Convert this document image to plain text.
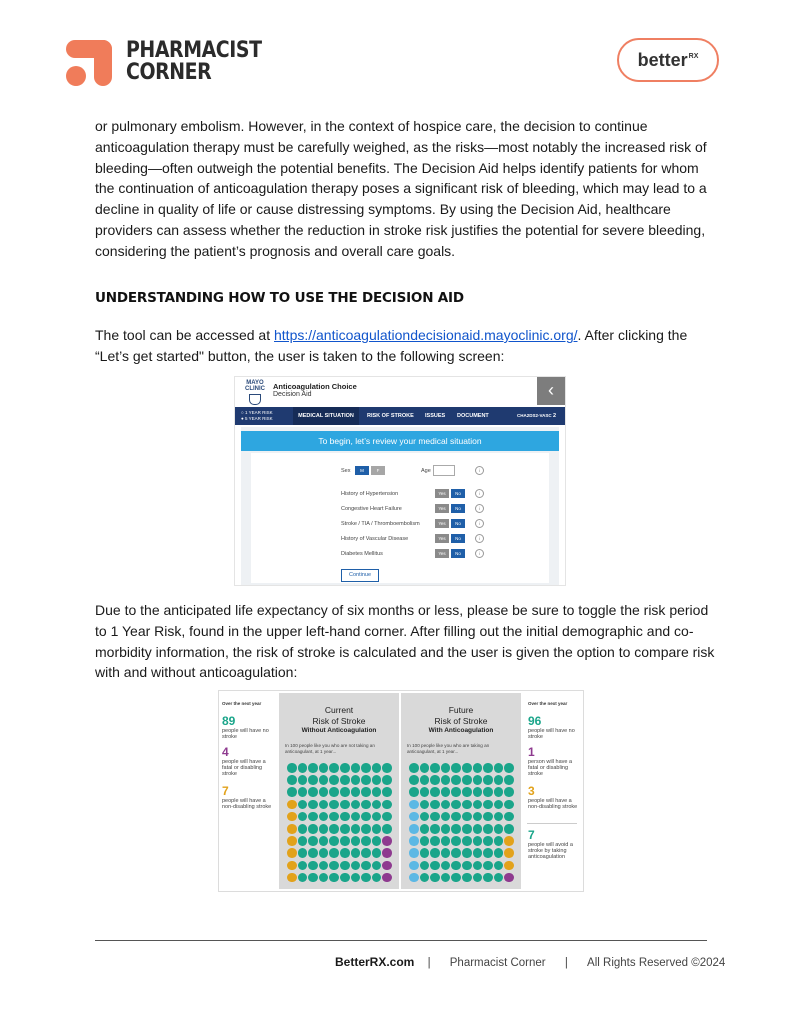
PHARMACIST
CORNER
better$^{RX}$
or pulmonary embolism. However, in the context of hospice care, the decision to continue anticoagulation therapy must be carefully weighed, as the risks—most notably the increased risk of bleeding—often outweigh the potential benefits. The Decision Aid helps identify patients for whom the continuation of anticoagulation therapy poses a significant risk of bleeding, which may lead to a decline in quality of life or cause distressing symptoms. By using the Decision Aid, healthcare providers can assess whether the reduction in stroke risk justifies the potential for severe bleeding, considering the patient’s prognosis and overall care goals.
UNDERSTANDING HOW TO USE THE DECISION AID
The tool can be accessed at https://anticoagulationdecisionaid.mayoclinic.org/. After clicking the “Let’s get started" button, the user is taken to the following screen:
MAYO
CLINIC Anticoagulation Choice
Decision Aid	‹
○ 1 YEAR RISK
● 5 YEAR RISK	MEDICAL SITUATION	RISK OF STROKE ISSUES DOCUMENT	CHA2DS2-VASC 2
To begin, let’s review your medical situation
Sex	M	F	Age	i
History of Hypertension	Yes	No	i
Congestive Heart Failure	Yes	No	i
Stroke / TIA / Thromboembolism	Yes	No	i
History of Vascular Disease	Yes	No	i
Diabetes Mellitus	Yes	No	i
Continue
Due to the anticipated life expectancy of six months or less, please be sure to toggle the risk period to 1 Year Risk, found in the upper left-hand corner. After filling out the initial demographic and co-morbidity information, the risk of stroke is calculated and the user is given the option to compare risk with and without anticoagulation:
Over the next year
89
people will have no stroke
4
people will have a fatal or disabling stroke
7
people will have a non-disabling stroke
Current
Risk of Stroke
Without Anticoagulation
In 100 people like you who are not taking an anticoagulant, at 1 year...
Future
Risk of Stroke
With Anticoagulation
In 100 people like you who are taking an anticoagulant, at 1 year...
Over the next year
96
people will have no stroke
1
person will have a fatal or disabling stroke
3
people will have a non-disabling stroke
7
people will avoid a stroke by taking anticoagulation
BetterRX.com | Pharmacist Corner | All Rights Reserved ©2024
